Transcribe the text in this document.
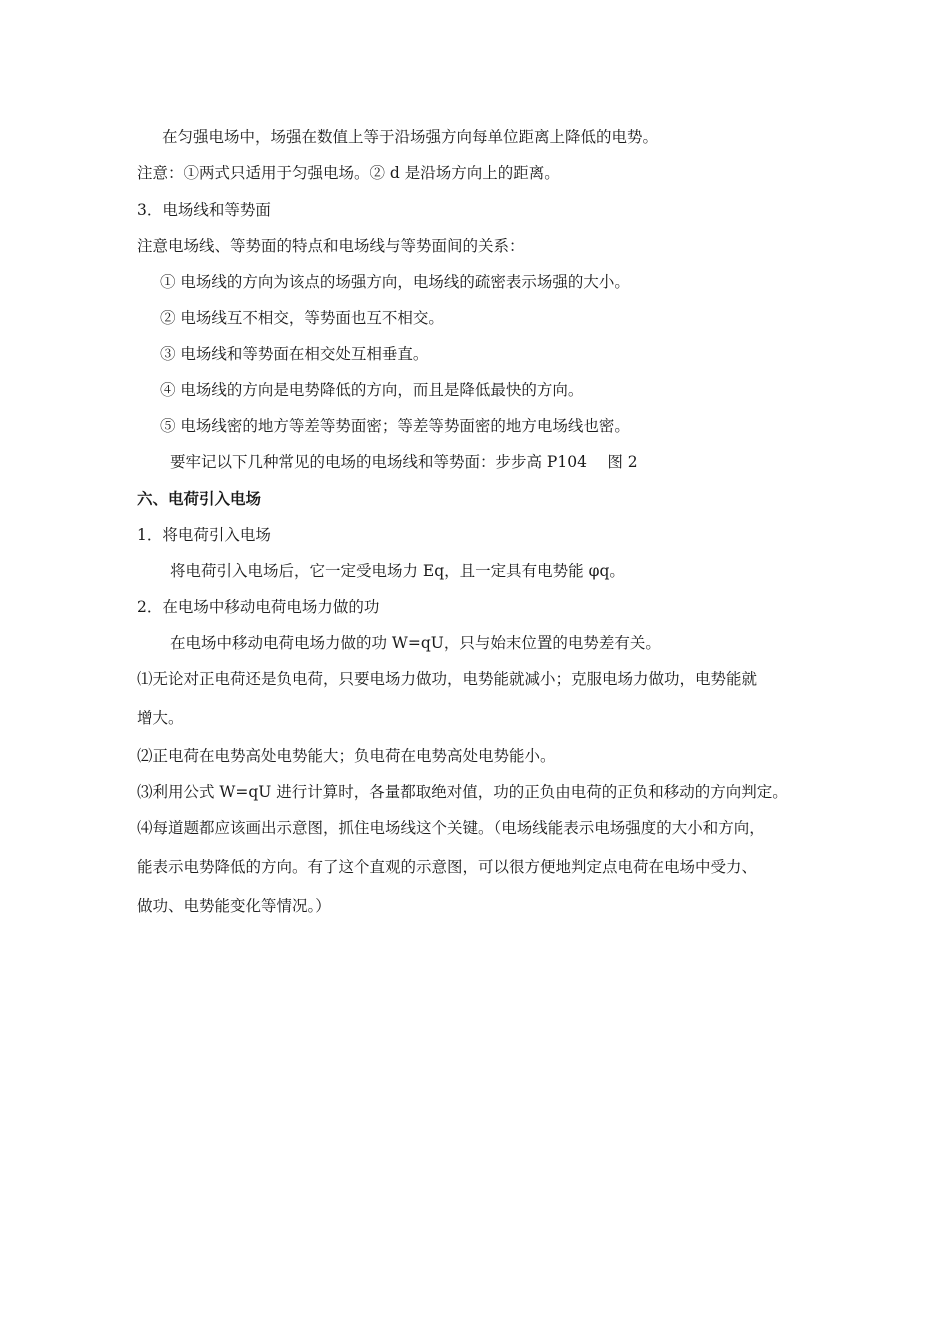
在匀强电场中，场强在数值上等于沿场强方向每单位距离上降低的电势。
注意：①两式只适用于匀强电场。② d 是沿场方向上的距离。
3．电场线和等势面
注意电场线、等势面的特点和电场线与等势面间的关系：
① 电场线的方向为该点的场强方向，电场线的疏密表示场强的大小。
② 电场线互不相交，等势面也互不相交。
③ 电场线和等势面在相交处互相垂直。
④ 电场线的方向是电势降低的方向，而且是降低最快的方向。
⑤ 电场线密的地方等差等势面密；等差等势面密的地方电场线也密。
要牢记以下几种常见的电场的电场线和等势面：步步高 P104　 图 2
六、电荷引入电场
1．将电荷引入电场
将电荷引入电场后，它一定受电场力 Eq，且一定具有电势能 φq。
2．在电场中移动电荷电场力做的功
在电场中移动电荷电场力做的功 W=qU，只与始末位置的电势差有关。
⑴无论对正电荷还是负电荷，只要电场力做功，电势能就减小；克服电场力做功，电势能就
增大。
⑵正电荷在电势高处电势能大；负电荷在电势高处电势能小。
⑶利用公式 W=qU 进行计算时，各量都取绝对值，功的正负由电荷的正负和移动的方向判定。
⑷每道题都应该画出示意图，抓住电场线这个关键。（电场线能表示电场强度的大小和方向，
能表示电势降低的方向。有了这个直观的示意图，可以很方便地判定点电荷在电场中受力、
做功、电势能变化等情况。）
